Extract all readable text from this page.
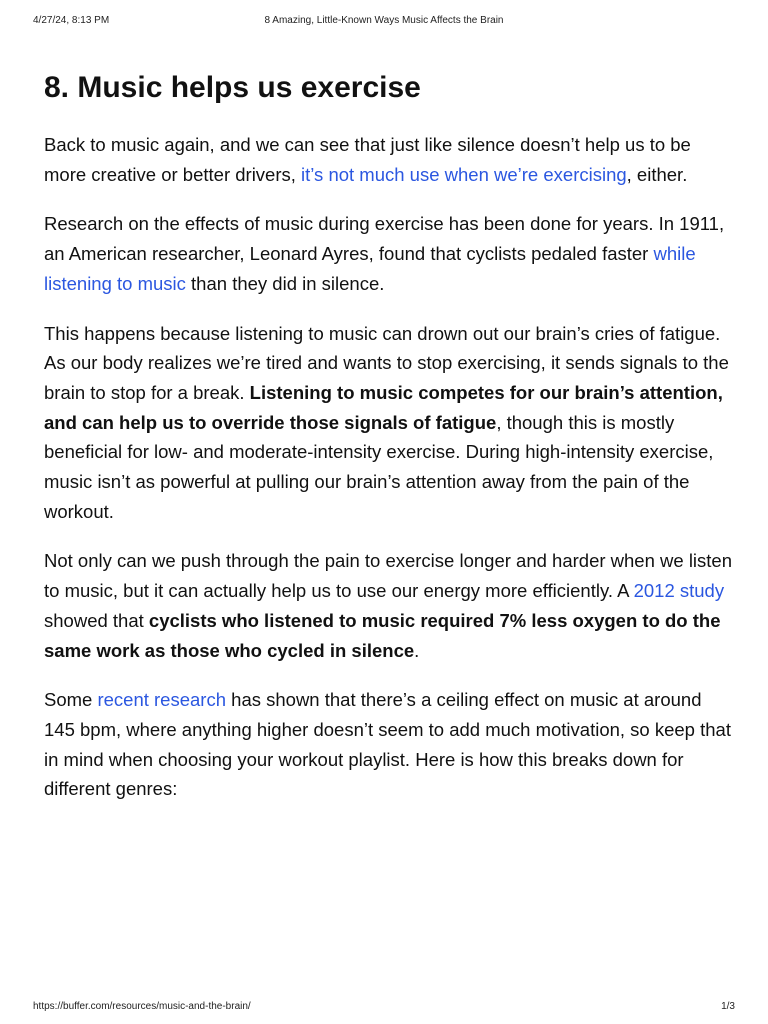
4/27/24, 8:13 PM	8 Amazing, Little-Known Ways Music Affects the Brain
8. Music helps us exercise

Back to music again, and we can see that just like silence doesn’t help us to be more creative or better drivers, it’s not much use when we’re exercising, either.

Research on the effects of music during exercise has been done for years. In 1911, an American researcher, Leonard Ayres, found that cyclists pedaled faster while listening to music than they did in silence.

This happens because listening to music can drown out our brain’s cries of fatigue. As our body realizes we’re tired and wants to stop exercising, it sends signals to the brain to stop for a break. Listening to music competes for our brain’s attention, and can help us to override those signals of fatigue, though this is mostly beneficial for low- and moderate-intensity exercise. During high-intensity exercise, music isn’t as powerful at pulling our brain’s attention away from the pain of the workout.

Not only can we push through the pain to exercise longer and harder when we listen to music, but it can actually help us to use our energy more efficiently. A 2012 study showed that cyclists who listened to music required 7% less oxygen to do the same work as those who cycled in silence.

Some recent research has shown that there’s a ceiling effect on music at around 145 bpm, where anything higher doesn’t seem to add much motivation, so keep that in mind when choosing your workout playlist. Here is how this breaks down for different genres:

https://buffer.com/resources/music-and-the-brain/	1/3
